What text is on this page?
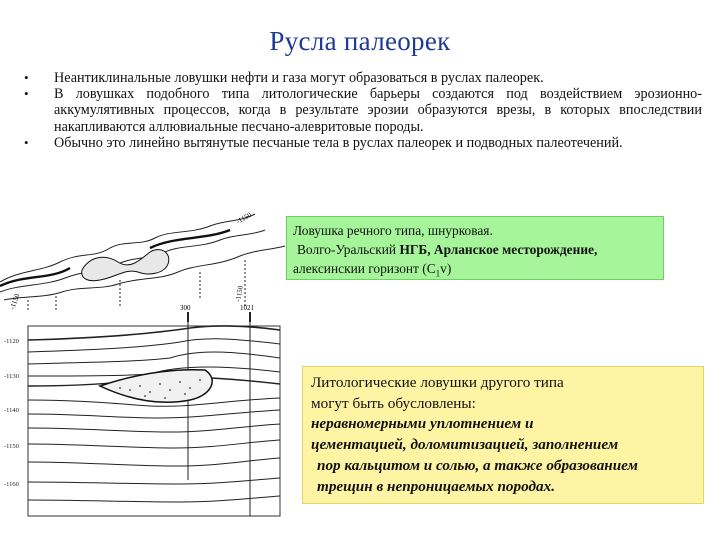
Русла палеорек
• Неантиклинальные ловушки нефти и газа могут образоваться в руслах палеорек.
• В ловушках подобного типа литологические барьеры создаются под воздействием эрозионно-аккумулятивных процессов, когда в результате эрозии образуются врезы, в которых впоследствии накапливаются аллювиальные песчано-алевритовые породы.
• Обычно это линейно вытянутые песчаные тела в руслах палеорек и подводных палеотечений.
-1150
-1150
-1150	300	1021
-1120
-1130
-1140
-1150
-1160
Ловушка речного типа, шнурковая.
Волго-Уральский НГБ, Арланское месторождение,
алексинскии горизонт $(С_1v)$
Литологические ловушки другого типа
могут быть обусловлены:
неравномерными уплотнением и
цементацией, доломитизацией, заполнением
пор кальцитом и солью, а также образованием
трещин в непроницаемых породах.
